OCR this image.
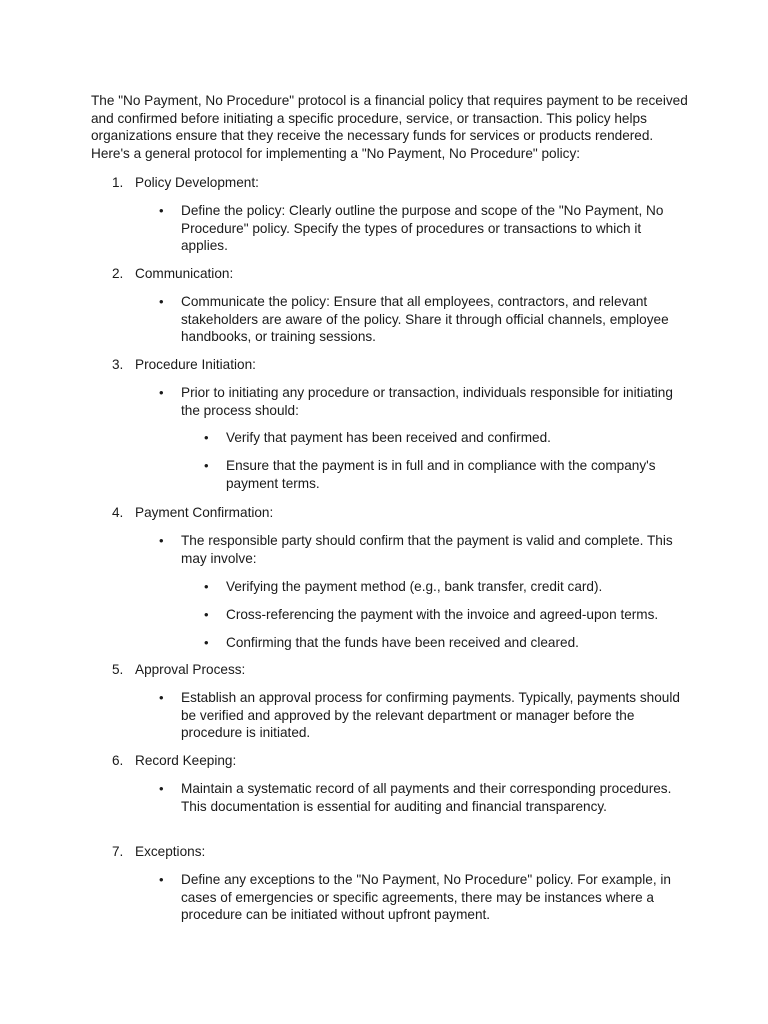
The "No Payment, No Procedure" protocol is a financial policy that requires payment to be received and confirmed before initiating a specific procedure, service, or transaction. This policy helps organizations ensure that they receive the necessary funds for services or products rendered. Here's a general protocol for implementing a "No Payment, No Procedure" policy:

1. Policy Development:
• Define the policy: Clearly outline the purpose and scope of the "No Payment, No Procedure" policy. Specify the types of procedures or transactions to which it applies.
2. Communication:
• Communicate the policy: Ensure that all employees, contractors, and relevant stakeholders are aware of the policy. Share it through official channels, employee handbooks, or training sessions.
3. Procedure Initiation:
• Prior to initiating any procedure or transaction, individuals responsible for initiating the process should:
• Verify that payment has been received and confirmed.
• Ensure that the payment is in full and in compliance with the company's payment terms.
4. Payment Confirmation:
• The responsible party should confirm that the payment is valid and complete. This may involve:
• Verifying the payment method (e.g., bank transfer, credit card).
• Cross-referencing the payment with the invoice and agreed-upon terms.
• Confirming that the funds have been received and cleared.
5. Approval Process:
• Establish an approval process for confirming payments. Typically, payments should be verified and approved by the relevant department or manager before the procedure is initiated.
6. Record Keeping:
• Maintain a systematic record of all payments and their corresponding procedures. This documentation is essential for auditing and financial transparency.
7. Exceptions:
• Define any exceptions to the "No Payment, No Procedure" policy. For example, in cases of emergencies or specific agreements, there may be instances where a procedure can be initiated without upfront payment.
